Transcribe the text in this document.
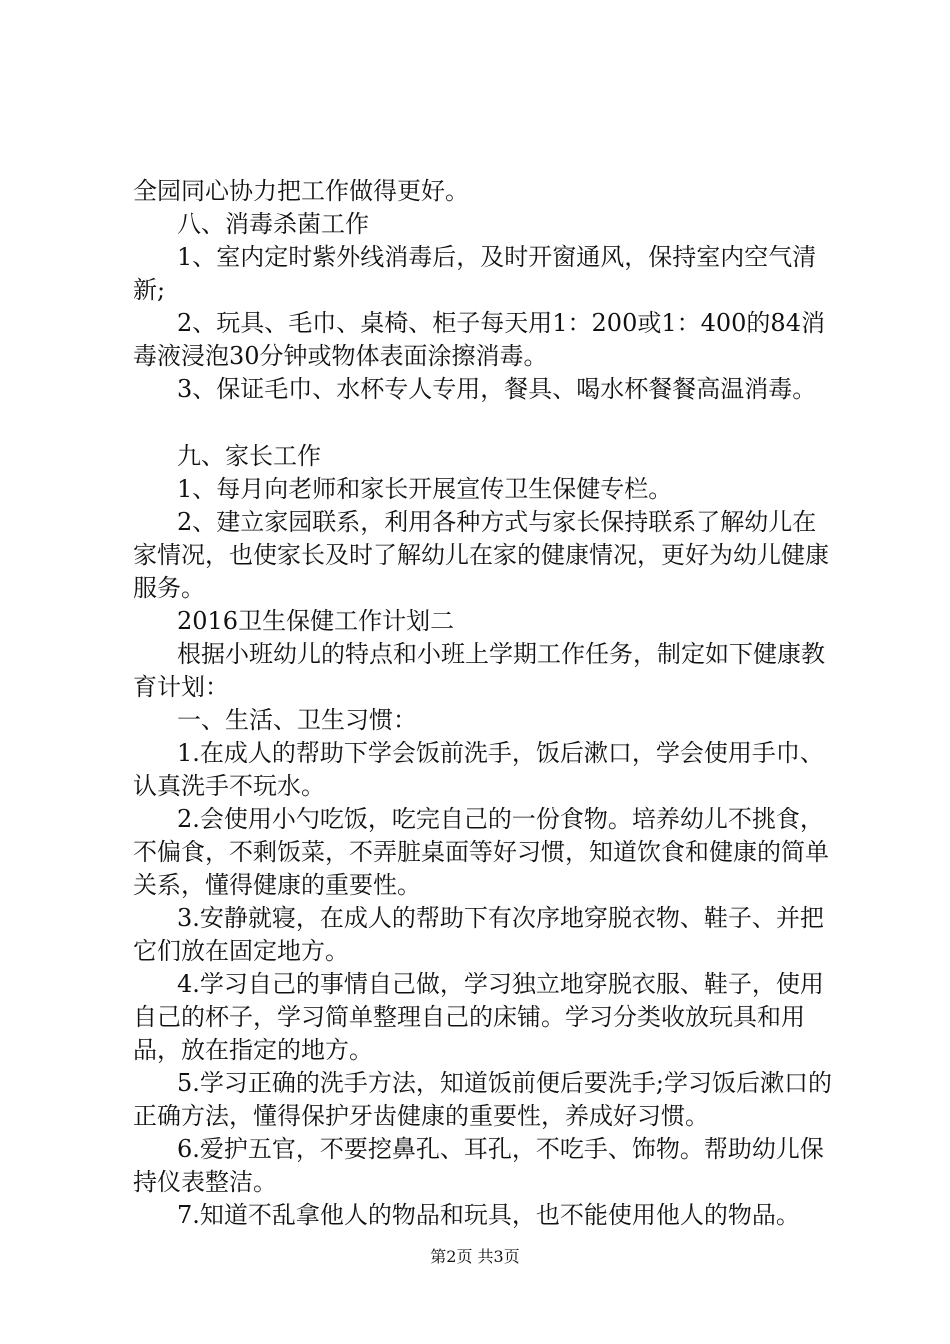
全园同心协力把工作做得更好。

八、消毒杀菌工作

1、室内定时紫外线消毒后，及时开窗通风，保持室内空气清新;

2、玩具、毛巾、桌椅、柜子每天用1：200或1：400的84消毒液浸泡30分钟或物体表面涂擦消毒。

3、保证毛巾、水杯专人专用，餐具、喝水杯餐餐高温消毒。

九、家长工作

1、每月向老师和家长开展宣传卫生保健专栏。

2、建立家园联系，利用各种方式与家长保持联系了解幼儿在家情况，也使家长及时了解幼儿在家的健康情况，更好为幼儿健康服务。

2016卫生保健工作计划二

根据小班幼儿的特点和小班上学期工作任务，制定如下健康教育计划：

一、生活、卫生习惯：

1.在成人的帮助下学会饭前洗手，饭后漱口，学会使用手巾、认真洗手不玩水。

2.会使用小勺吃饭，吃完自己的一份食物。培养幼儿不挑食，不偏食，不剩饭菜，不弄脏桌面等好习惯，知道饮食和健康的简单关系，懂得健康的重要性。

3.安静就寝，在成人的帮助下有次序地穿脱衣物、鞋子、并把它们放在固定地方。

4.学习自己的事情自己做，学习独立地穿脱衣服、鞋子，使用自己的杯子，学习简单整理自己的床铺。学习分类收放玩具和用品，放在指定的地方。

5.学习正确的洗手方法，知道饭前便后要洗手;学习饭后漱口的正确方法，懂得保护牙齿健康的重要性，养成好习惯。

6.爱护五官，不要挖鼻孔、耳孔，不吃手、饰物。帮助幼儿保持仪表整洁。

7.知道不乱拿他人的物品和玩具，也不能使用他人的物品。

第2页 共3页
